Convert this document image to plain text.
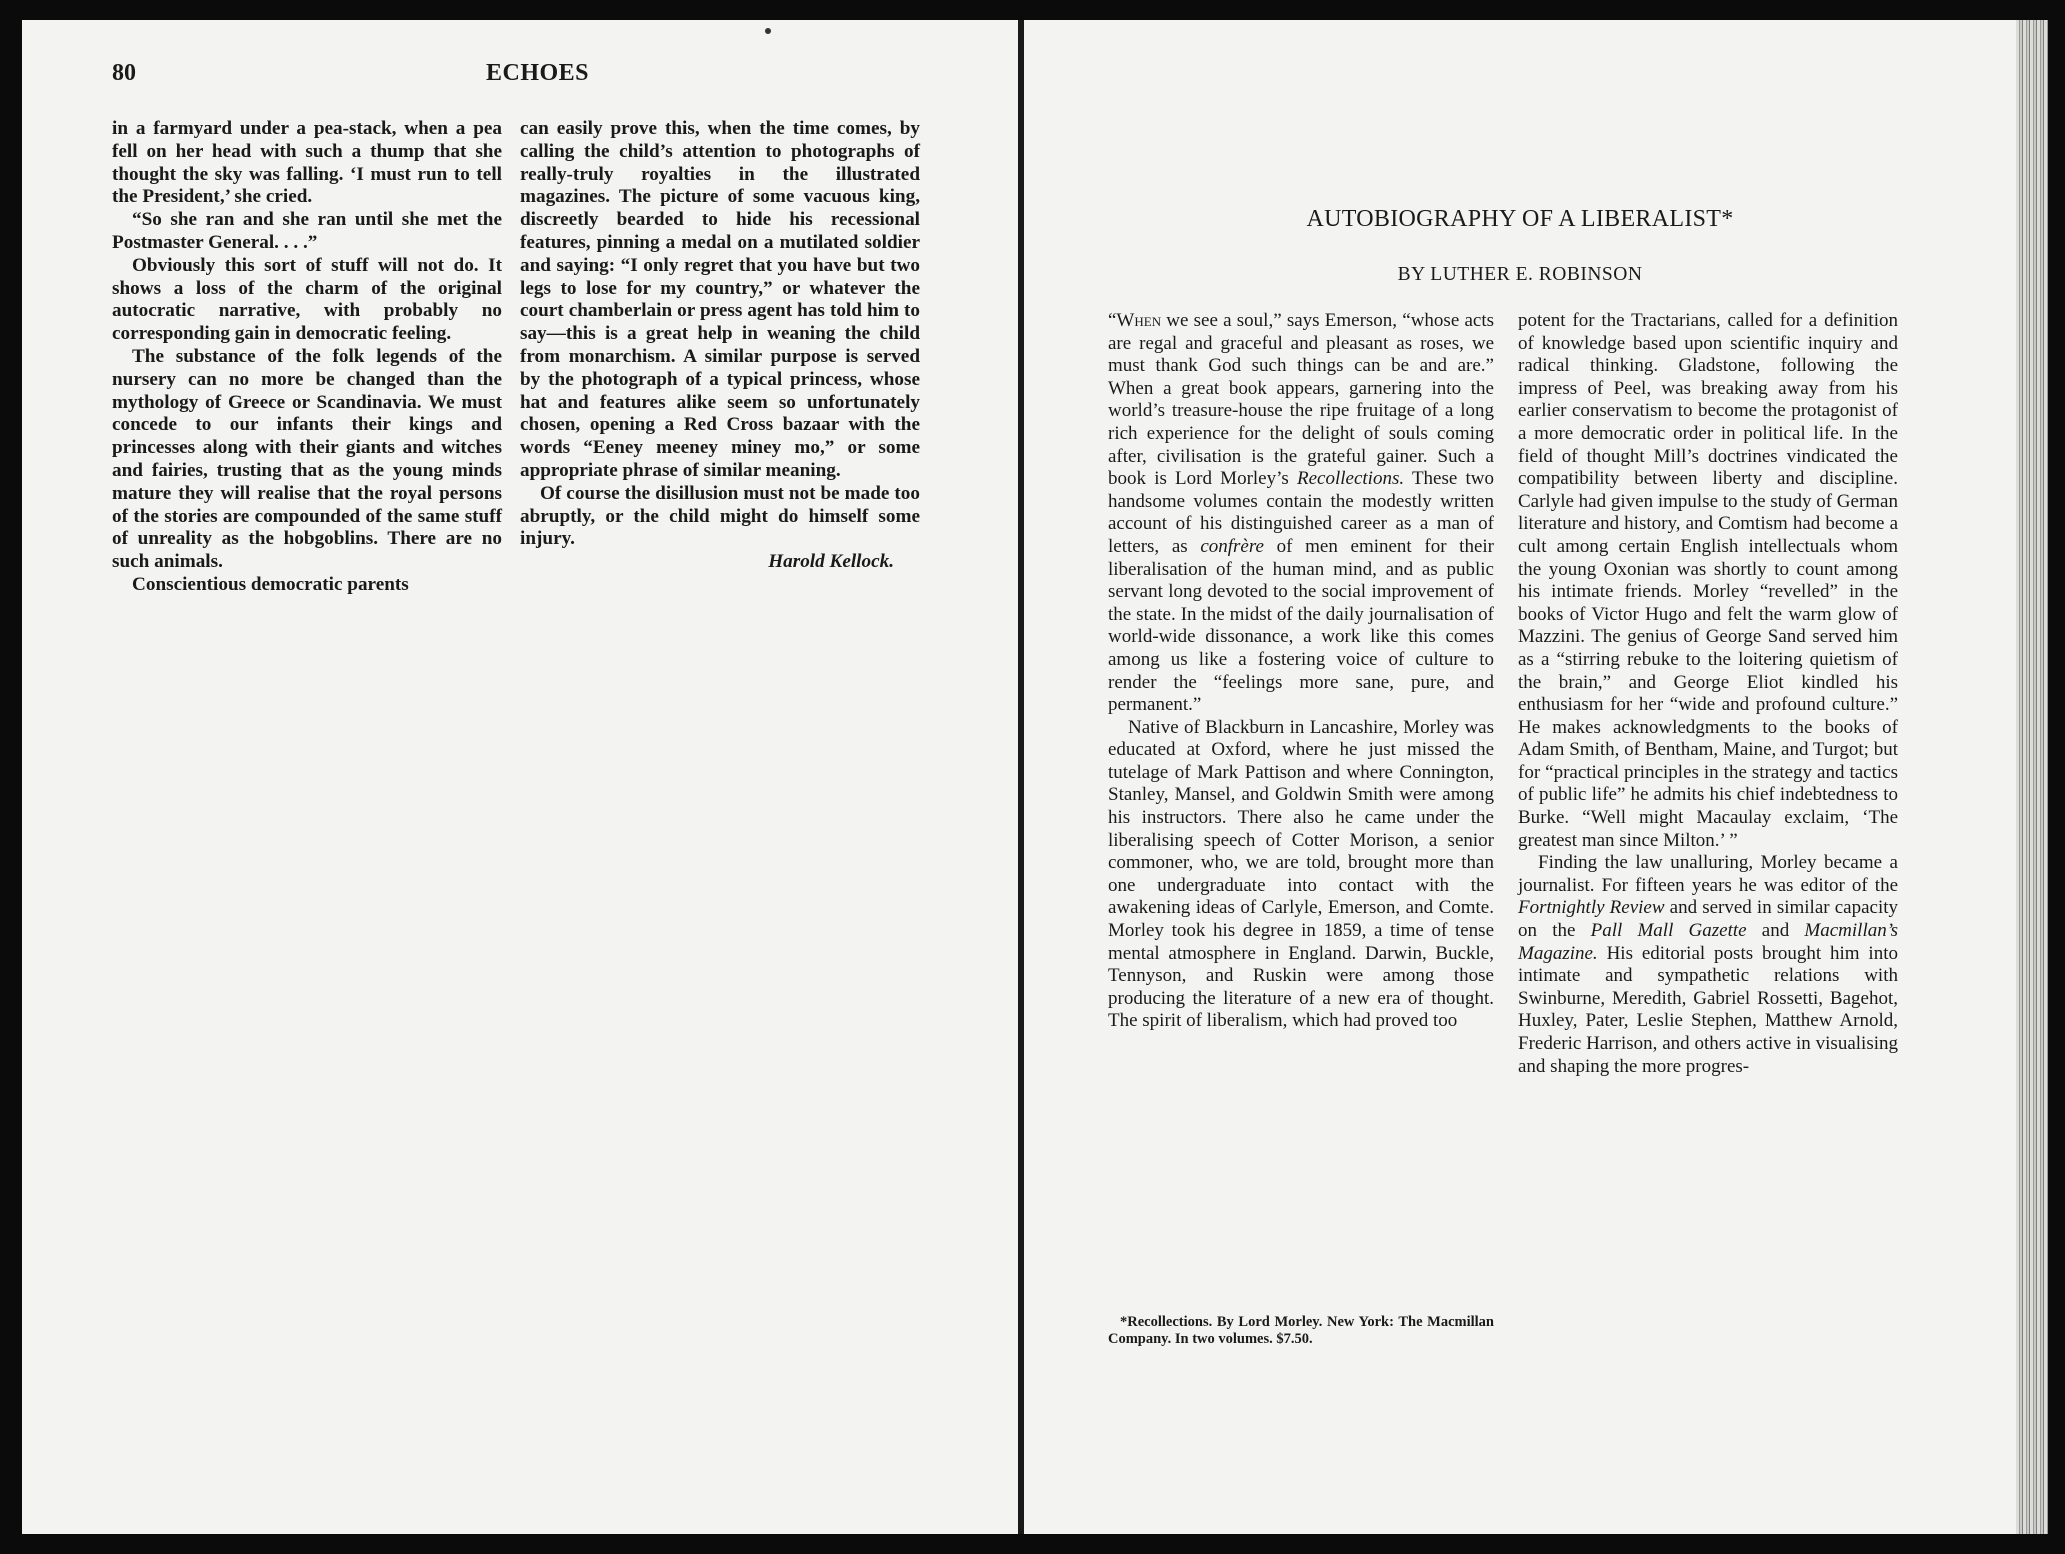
80	ECHOES

in a farmyard under a pea-stack, when a pea fell on her head with such a thump that she thought the sky was falling. ‘I must run to tell the President,’ she cried.

“So she ran and she ran until she met the Postmaster General. . . .”

Obviously this sort of stuff will not do. It shows a loss of the charm of the original autocratic narrative, with probably no corresponding gain in democratic feeling.

The substance of the folk legends of the nursery can no more be changed than the mythology of Greece or Scandinavia. We must concede to our infants their kings and princesses along with their giants and witches and fairies, trusting that as the young minds mature they will realise that the royal persons of the stories are compounded of the same stuff of unreality as the hobgoblins. There are no such animals.

Conscientious democratic parents

can easily prove this, when the time comes, by calling the child’s attention to photographs of really-truly royalties in the illustrated magazines. The picture of some vacuous king, discreetly bearded to hide his recessional features, pinning a medal on a mutilated soldier and saying: “I only regret that you have but two legs to lose for my country,” or whatever the court chamberlain or press agent has told him to say—this is a great help in weaning the child from monarchism. A similar purpose is served by the photograph of a typical princess, whose hat and features alike seem so unfortunately chosen, opening a Red Cross bazaar with the words “Eeney meeney miney mo,” or some appropriate phrase of similar meaning.

Of course the disillusion must not be made too abruptly, or the child might do himself some injury.

Harold Kellock.

AUTOBIOGRAPHY OF A LIBERALIST*
BY LUTHER E. ROBINSON

“When we see a soul,” says Emerson, “whose acts are regal and graceful and pleasant as roses, we must thank God such things can be and are.” When a great book appears, garnering into the world’s treasure-house the ripe fruitage of a long rich experience for the delight of souls coming after, civilisation is the grateful gainer. Such a book is Lord Morley’s Recollections. These two handsome volumes contain the modestly written account of his distinguished career as a man of letters, as confrère of men eminent for their liberalisation of the human mind, and as public servant long devoted to the social improvement of the state. In the midst of the daily journalisation of world-wide dissonance, a work like this comes among us like a fostering voice of culture to render the “feelings more sane, pure, and permanent.”

Native of Blackburn in Lancashire, Morley was educated at Oxford, where he just missed the tutelage of Mark Pattison and where Connington, Stanley, Mansel, and Goldwin Smith were among his instructors. There also he came under the liberalising speech of Cotter Morison, a senior commoner, who, we are told, brought more than one undergraduate into contact with the awakening ideas of Carlyle, Emerson, and Comte. Morley took his degree in 1859, a time of tense mental atmosphere in England. Darwin, Buckle, Tennyson, and Ruskin were among those producing the literature of a new era of thought. The spirit of liberalism, which had proved too

*Recollections. By Lord Morley. New York: The Macmillan Company. In two volumes. $7.50.

potent for the Tractarians, called for a definition of knowledge based upon scientific inquiry and radical thinking. Gladstone, following the impress of Peel, was breaking away from his earlier conservatism to become the protagonist of a more democratic order in political life. In the field of thought Mill’s doctrines vindicated the compatibility between liberty and discipline. Carlyle had given impulse to the study of German literature and history, and Comtism had become a cult among certain English intellectuals whom the young Oxonian was shortly to count among his intimate friends. Morley “revelled” in the books of Victor Hugo and felt the warm glow of Mazzini. The genius of George Sand served him as a “stirring rebuke to the loitering quietism of the brain,” and George Eliot kindled his enthusiasm for her “wide and profound culture.” He makes acknowledgments to the books of Adam Smith, of Bentham, Maine, and Turgot; but for “practical principles in the strategy and tactics of public life” he admits his chief indebtedness to Burke. “Well might Macaulay exclaim, ‘The greatest man since Milton.’ ”

Finding the law unalluring, Morley became a journalist. For fifteen years he was editor of the Fortnightly Review and served in similar capacity on the Pall Mall Gazette and Macmillan’s Magazine. His editorial posts brought him into intimate and sympathetic relations with Swinburne, Meredith, Gabriel Rossetti, Bagehot, Huxley, Pater, Leslie Stephen, Matthew Arnold, Frederic Harrison, and others active in visualising and shaping the more progres-
